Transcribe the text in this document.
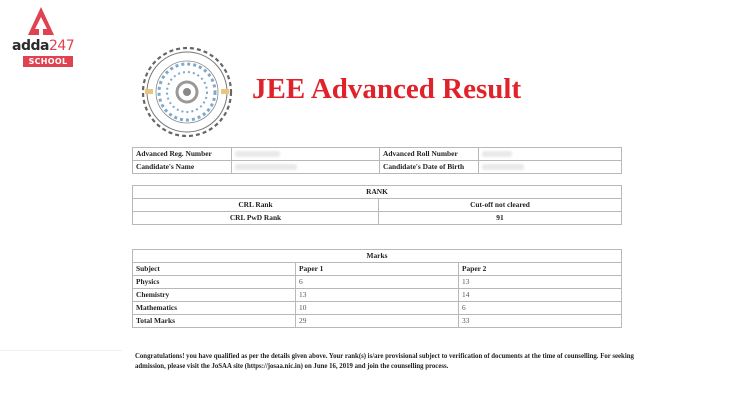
adda247
SCHOOL
JEE Advanced Result
Advanced Reg. Number		Advanced Roll Number	
Candidate's Name		Candidate's Date of Birth	
RANK	
CRL Rank	Cut-off not cleared
CRL PwD Rank	91
Marks		
Subject	Paper 1	Paper 2
Physics	6	13
Chemistry	13	14
Mathematics	10	6
Total Marks	29	33
Congratulations! you have qualified as per the details given above. Your rank(s) is/are provisional subject to verification of documents at the time of counselling. For seeking admission, please visit the JoSAA site (https://josaa.nic.in) on June 16, 2019 and join the counselling process.
